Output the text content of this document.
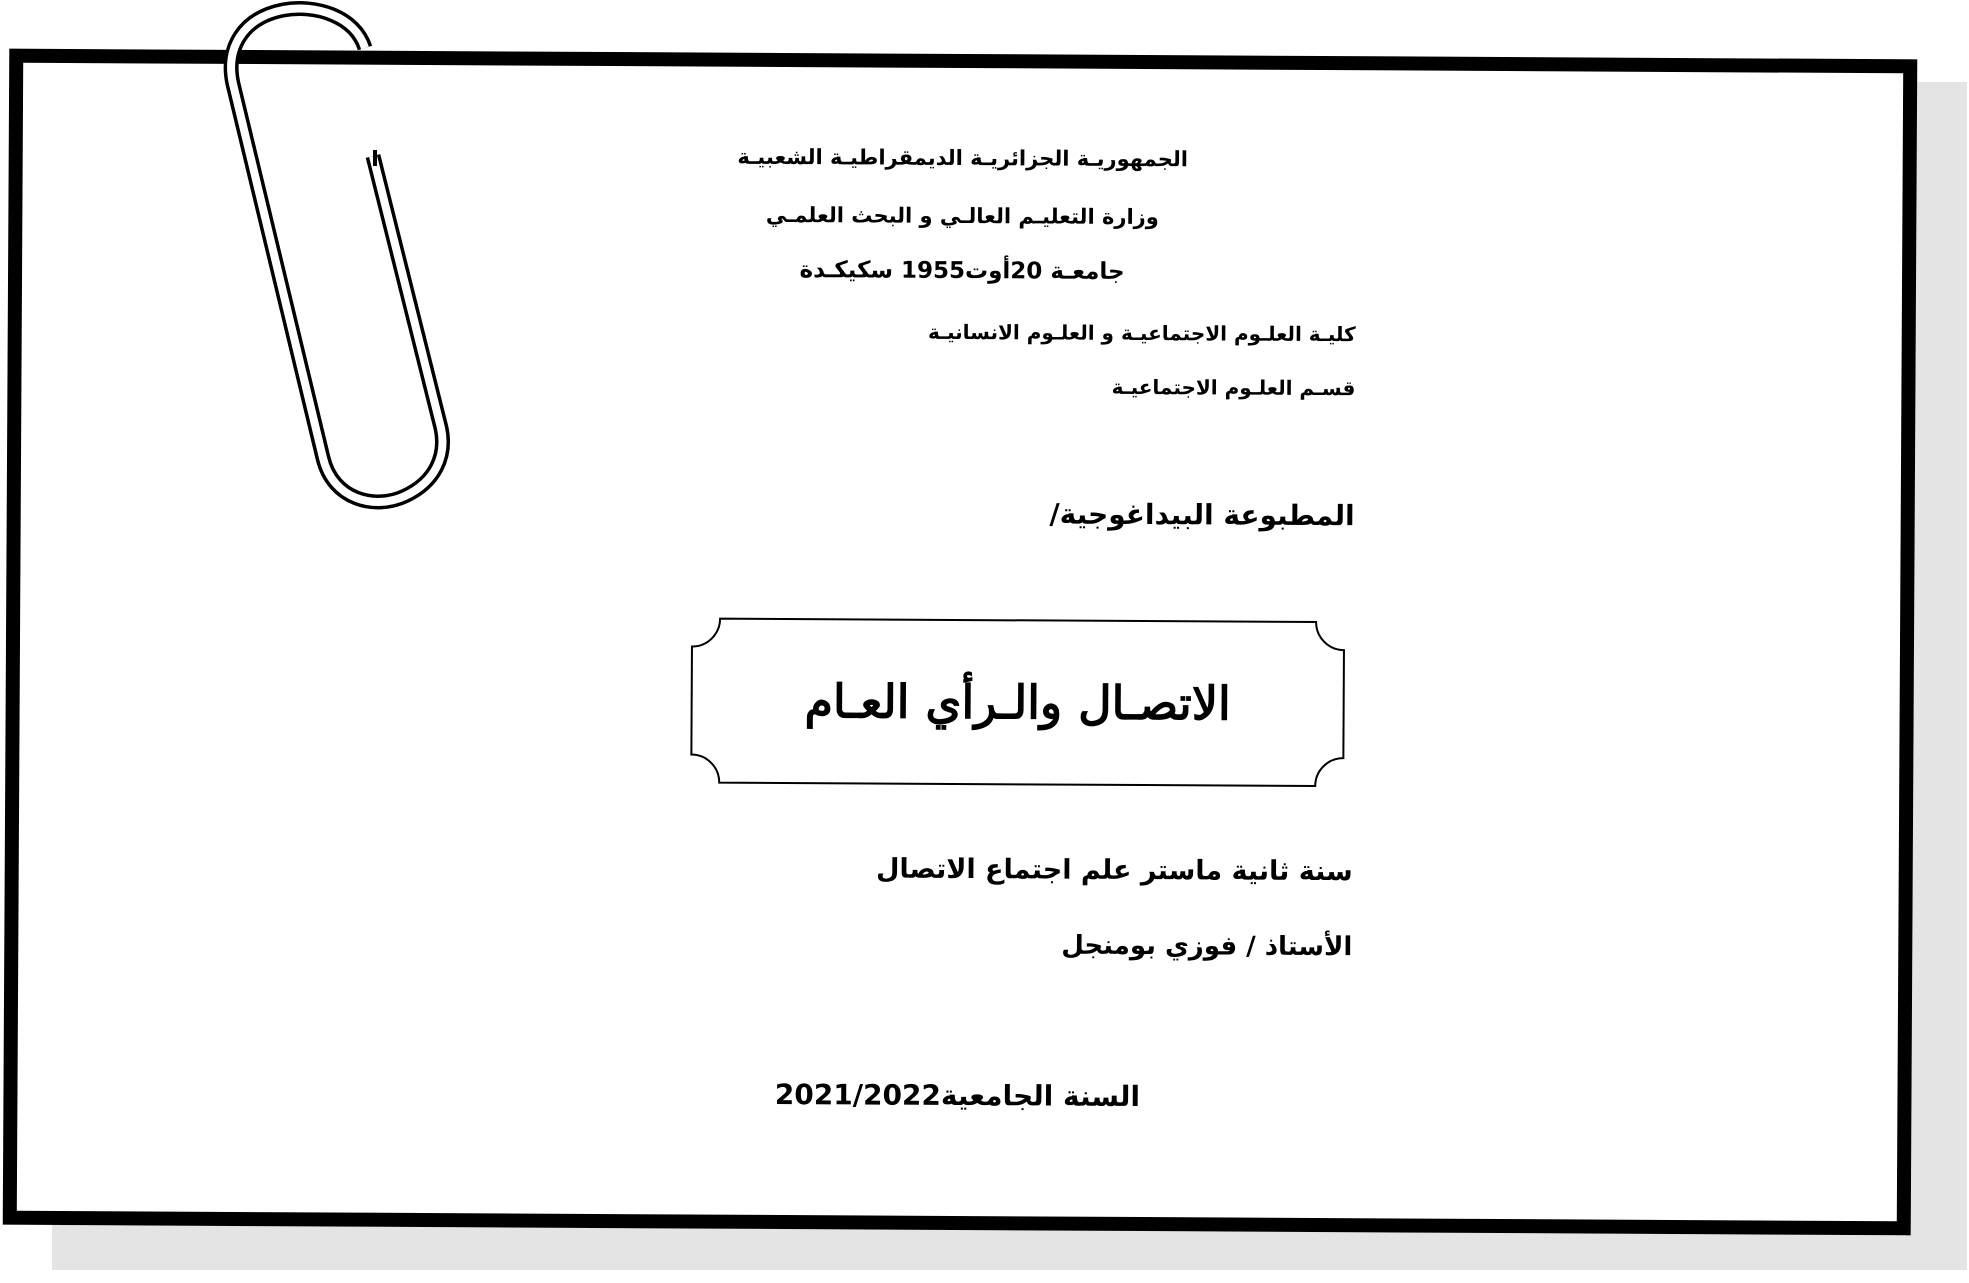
الجمهوريـة الجزائريـة الديمقراطيـة الشعبيـة
وزارة التعليـم العالـي و البحث العلمـي
جامعـة 20أوت1955 سكيكـدة
كليـة العلـوم الاجتماعيـة و العلـوم الانسانيـة
قسـم العلـوم الاجتماعيـة
المطبوعة البيداغوجية/
الاتصـال والـرأي العـام
سنة ثانية ماستر علم اجتماع الاتصال
الأستاذ / فوزي بومنجل
السنة الجامعية2021/2022
